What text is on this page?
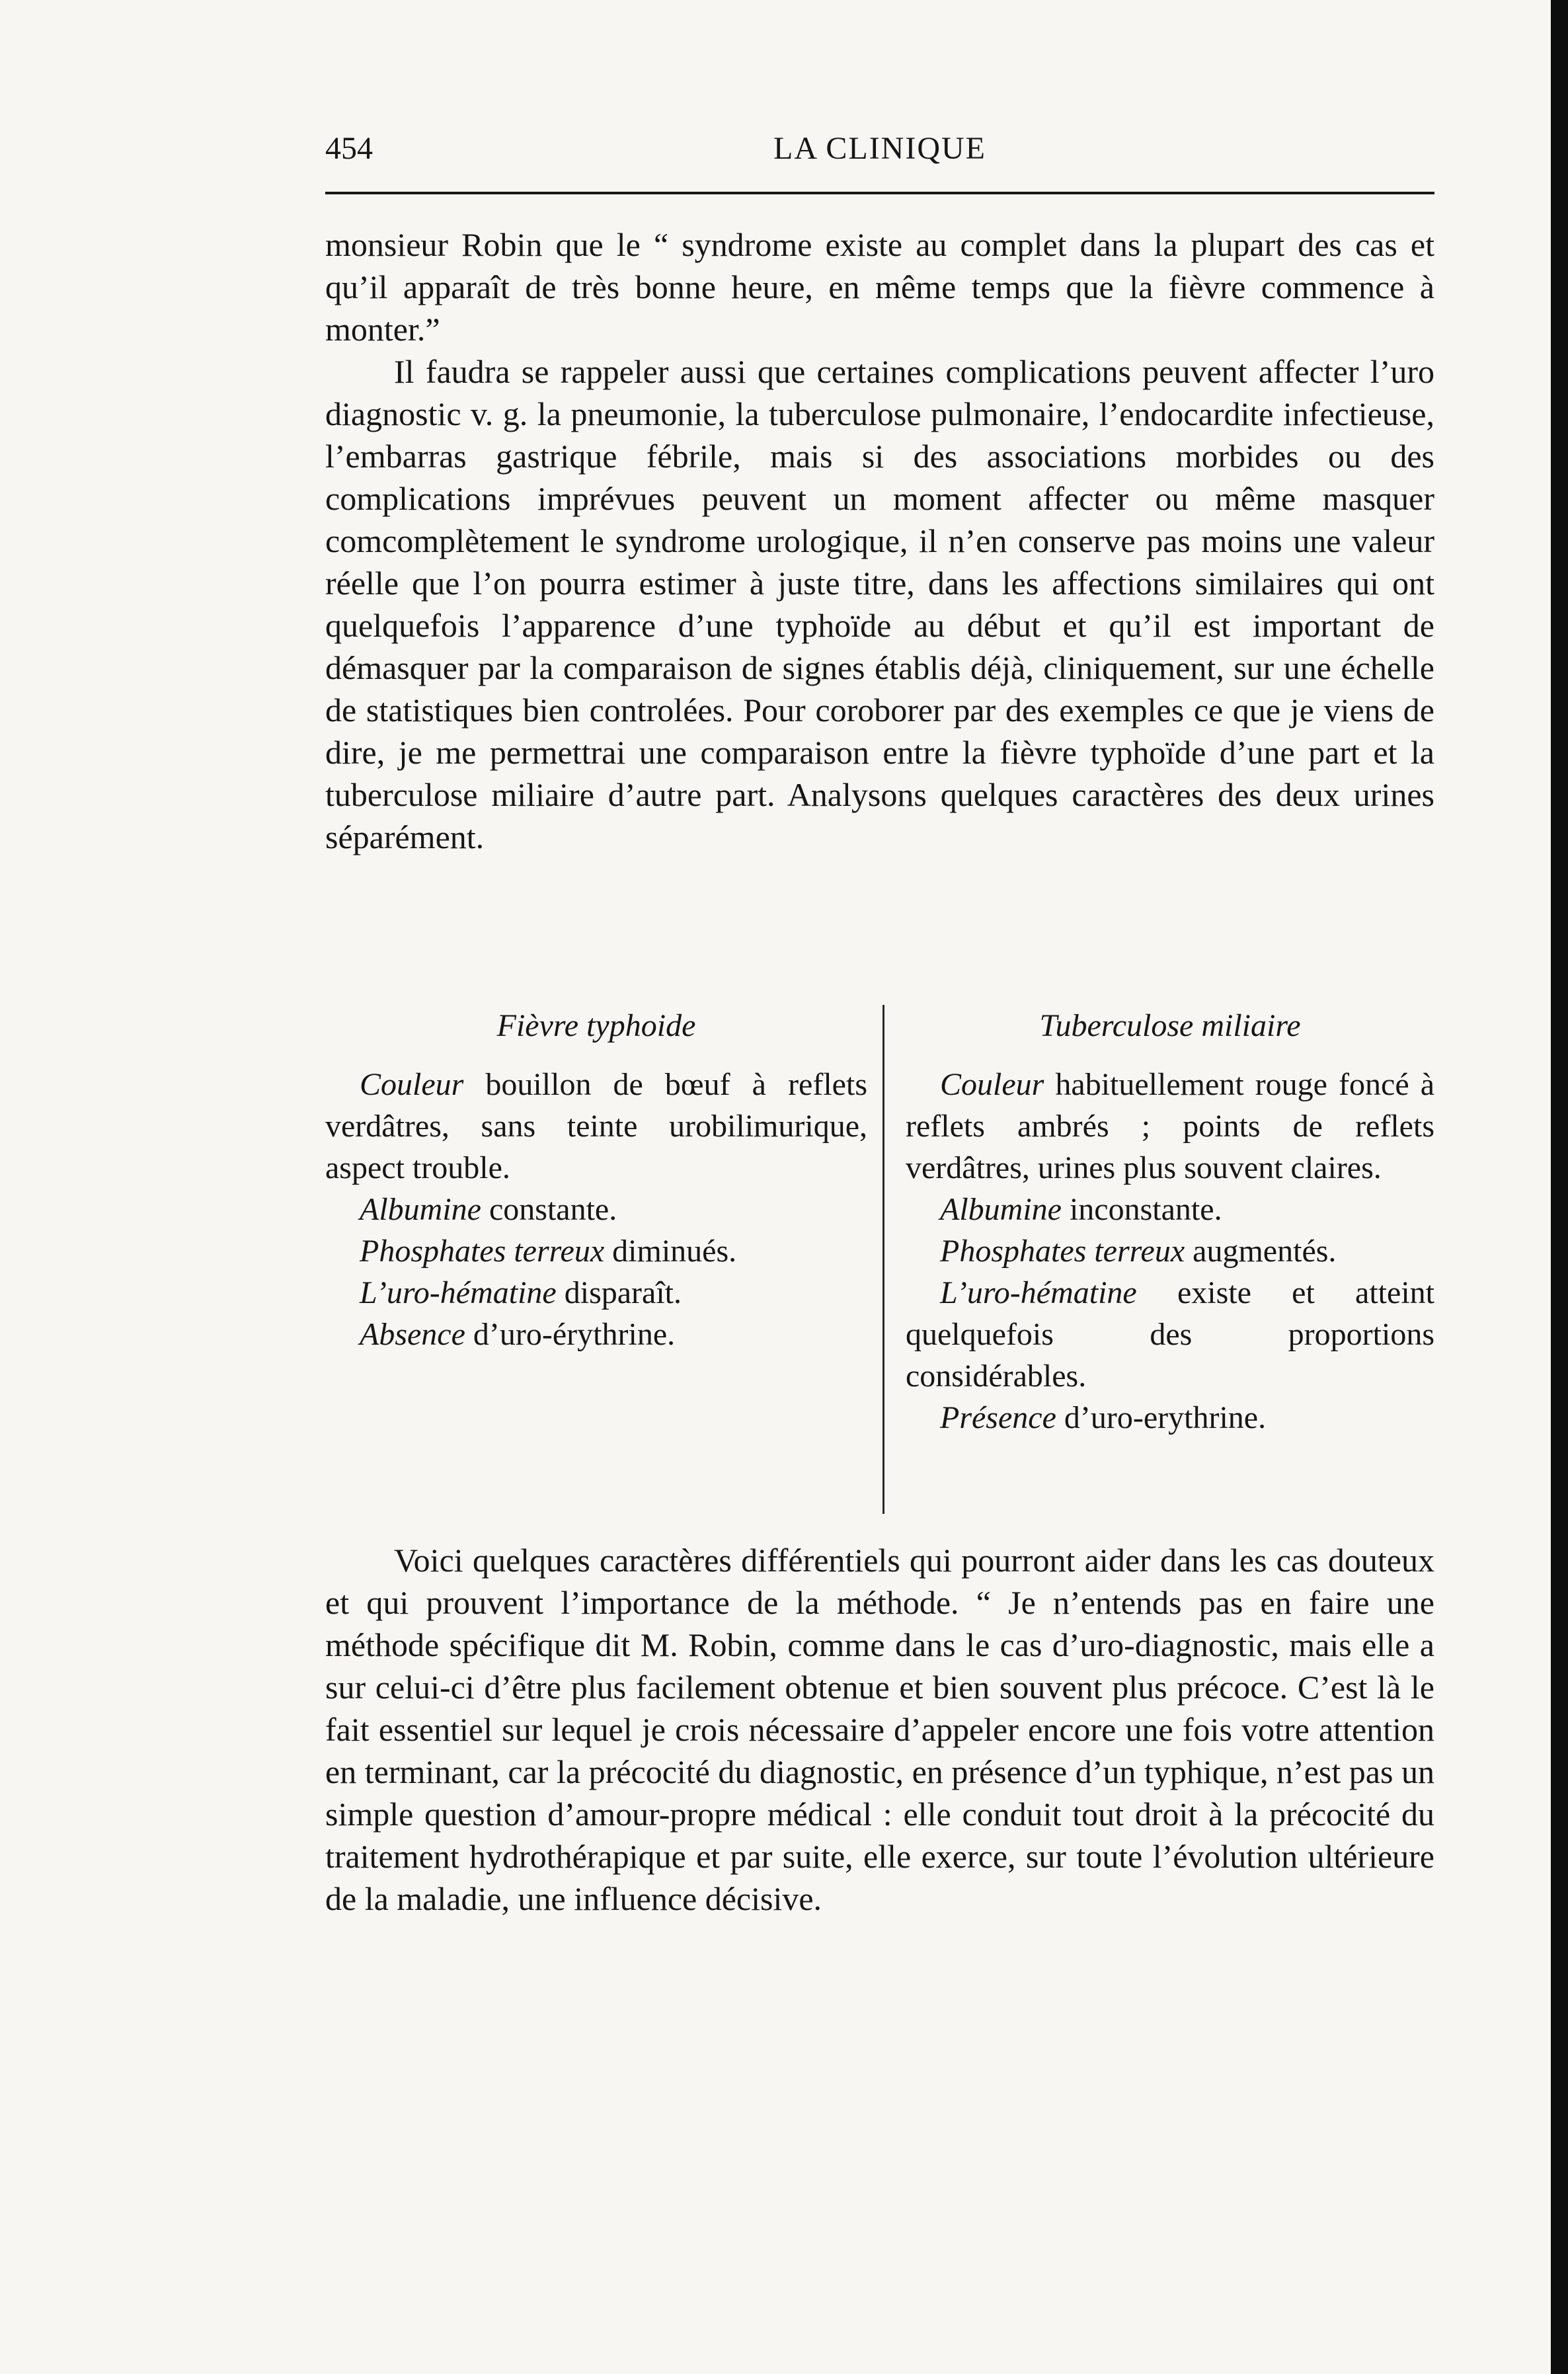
454	LA CLINIQUE

monsieur Robin que le “ syndrome existe au complet dans la plupart des cas et qu’il apparaît de très bonne heure, en même temps que la fièvre commence à monter.”

Il faudra se rappeler aussi que certaines complications peuvent affecter l’uro diagnostic v. g. la pneumonie, la tuberculose pulmonaire, l’endocardite infectieuse, l’embarras gastrique fébrile, mais si des associations morbides ou des complications imprévues peuvent un moment affecter ou même masquer comcomplètement le syndrome urologique, il n’en conserve pas moins une valeur réelle que l’on pourra estimer à juste titre, dans les affections similaires qui ont quelquefois l’apparence d’une typhoïde au début et qu’il est important de démasquer par la comparaison de signes établis déjà, cliniquement, sur une échelle de statistiques bien controlées. Pour coroborer par des exemples ce que je viens de dire, je me permettrai une comparaison entre la fièvre typhoïde d’une part et la tuberculose miliaire d’autre part. Analysons quelques caractères des deux urines séparément.

Fièvre typhoide

Couleur bouillon de bœuf à reflets verdâtres, sans teinte urobilimurique, aspect trouble.

Albumine constante.

Phosphates terreux diminués.

L’uro-hématine disparaît.

Absence d’uro-érythrine.

Tuberculose miliaire

Couleur habituellement rouge foncé à reflets ambrés ; points de reflets verdâtres, urines plus souvent claires.

Albumine inconstante.

Phosphates terreux augmentés.

L’uro-hématine existe et atteint quelquefois des proportions considérables.

Présence d’uro-erythrine.

Voici quelques caractères différentiels qui pourront aider dans les cas douteux et qui prouvent l’importance de la méthode. “ Je n’entends pas en faire une méthode spécifique dit M. Robin, comme dans le cas d’uro-diagnostic, mais elle a sur celui-ci d’être plus facilement obtenue et bien souvent plus précoce. C’est là le fait essentiel sur lequel je crois nécessaire d’appeler encore une fois votre attention en terminant, car la précocité du diagnostic, en présence d’un typhique, n’est pas un simple question d’amour-propre médical : elle conduit tout droit à la précocité du traitement hydrothérapique et par suite, elle exerce, sur toute l’évolution ultérieure de la maladie, une influence décisive.
